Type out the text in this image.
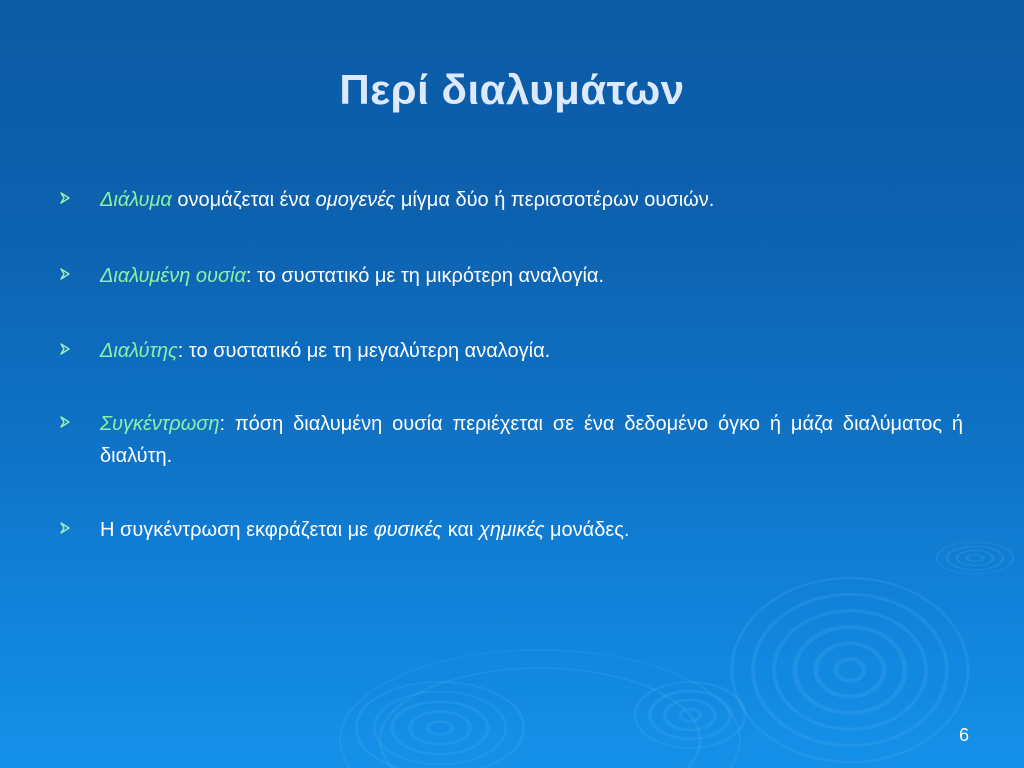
Περί διαλυμάτων
Διάλυμα ονομάζεται ένα ομογενές μίγμα δύο ή περισσοτέρων ουσιών.
Διαλυμένη ουσία: το συστατικό με τη μικρότερη αναλογία.
Διαλύτης: το συστατικό με τη μεγαλύτερη αναλογία.
Συγκέντρωση: πόση διαλυμένη ουσία περιέχεται σε ένα δεδομένο όγκο ή μάζα διαλύματος ή διαλύτη.
Η συγκέντρωση εκφράζεται με φυσικές και χημικές μονάδες.
6
